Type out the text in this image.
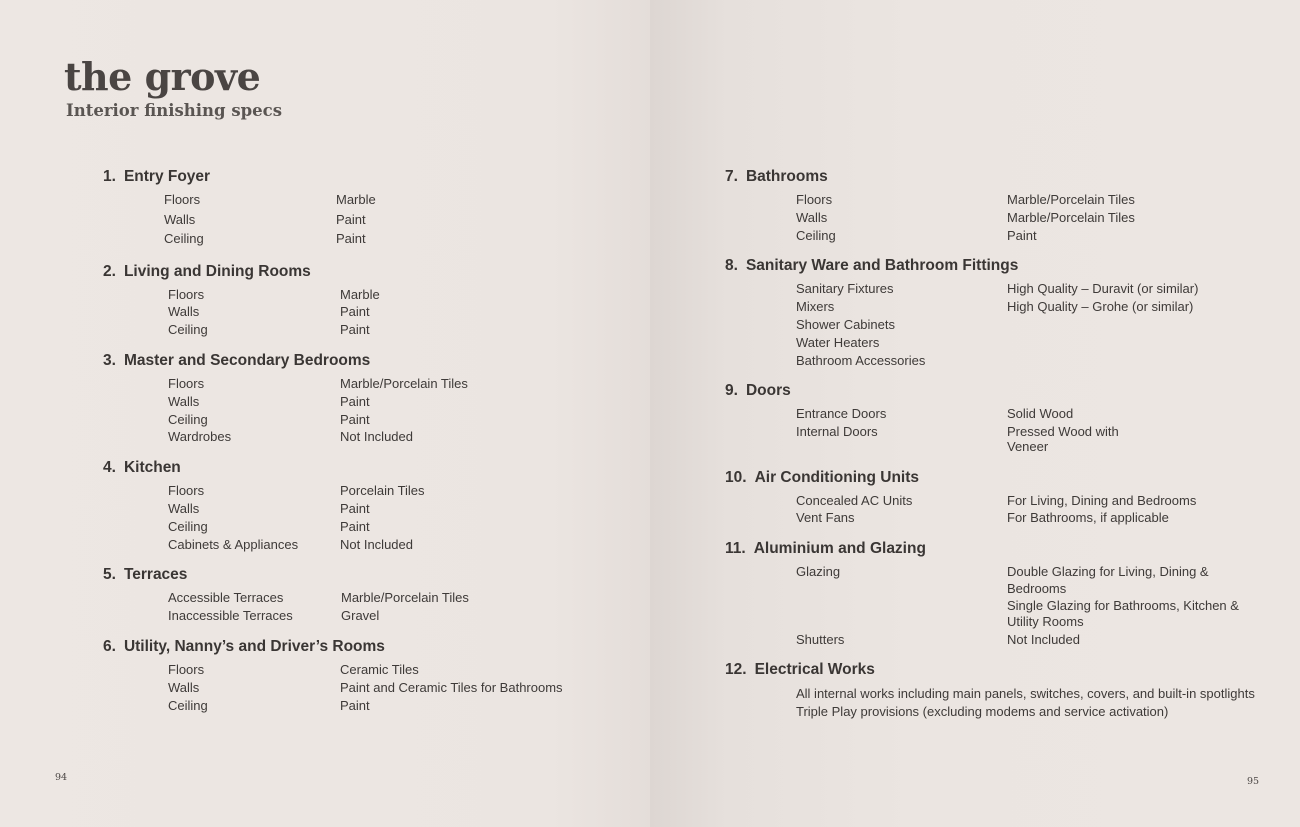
the grove
Interior finishing specs
1. Entry Foyer
Floors	Marble
Walls	Paint
Ceiling	Paint
2. Living and Dining Rooms
Floors	Marble
Walls	Paint
Ceiling	Paint
3. Master and Secondary Bedrooms
Floors	Marble/Porcelain Tiles
Walls	Paint
Ceiling	Paint
Wardrobes	Not Included
4. Kitchen
Floors	Porcelain Tiles
Walls	Paint
Ceiling	Paint
Cabinets & Appliances	Not Included
5. Terraces
Accessible Terraces	Marble/Porcelain Tiles
Inaccessible Terraces	Gravel
6. Utility, Nanny’s and Driver’s Rooms
Floors	Ceramic Tiles
Walls	Paint and Ceramic Tiles for Bathrooms
Ceiling	Paint
94
7. Bathrooms
Floors	Marble/Porcelain Tiles
Walls	Marble/Porcelain Tiles
Ceiling	Paint
8. Sanitary Ware and Bathroom Fittings
Sanitary Fixtures	High Quality – Duravit (or similar)
Mixers	High Quality – Grohe (or similar)
Shower Cabinets
Water Heaters
Bathroom Accessories
9. Doors
Entrance Doors	Solid Wood
Internal Doors	Pressed Wood with
Veneer
10. Air Conditioning Units
Concealed AC Units	For Living, Dining and Bedrooms
Vent Fans	For Bathrooms, if applicable
11. Aluminium and Glazing
Glazing	Double Glazing for Living, Dining &
Bedrooms
Single Glazing for Bathrooms, Kitchen &
Utility Rooms
Shutters	Not Included
12. Electrical Works
All internal works including main panels, switches, covers, and built-in spotlights
Triple Play provisions (excluding modems and service activation)
95
